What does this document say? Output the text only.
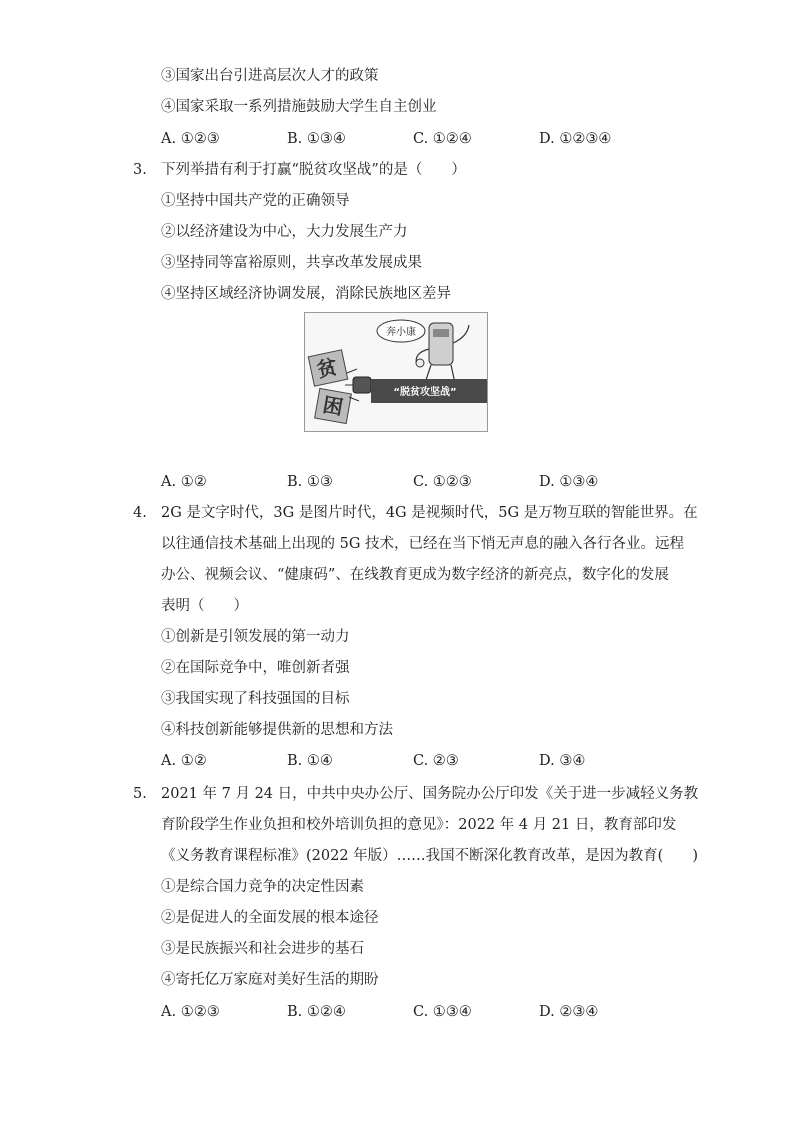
③国家出台引进高层次人才的政策
④国家采取一系列措施鼓励大学生自主创业
A. ①②③	B. ①③④	C. ①②④	D. ①②③④
3. 下列举措有利于打赢“脱贫攻坚战”的是（　　）
①坚持中国共产党的正确领导
②以经济建设为中心，大力发展生产力
③坚持同等富裕原则，共享改革发展成果
④坚持区域经济协调发展，消除民族地区差异
奔小康
“脱贫攻坚战”
贫
困
A. ①②	B. ①③	C. ①②③	D. ①③④
4. 2G 是文字时代，3G 是图片时代，4G 是视频时代，5G 是万物互联的智能世界。在
以往通信技术基础上出现的 5G 技术，已经在当下悄无声息的融入各行各业。远程
办公、视频会议、“健康码”、在线教育更成为数字经济的新亮点，数字化的发展
表明（　　）
①创新是引领发展的第一动力
②在国际竞争中，唯创新者强
③我国实现了科技强国的目标
④科技创新能够提供新的思想和方法
A. ①②	B. ①④	C. ②③	D. ③④
5. 2021 年 7 月 24 日，中共中央办公厅、国务院办公厅印发《关于进一步减轻义务教
育阶段学生作业负担和校外培训负担的意见》：2022 年 4 月 21 日，教育部印发
《义务教育课程标准》(2022 年版）……我国不断深化教育改革，是因为教育(　　)
①是综合国力竞争的决定性因素
②是促进人的全面发展的根本途径
③是民族振兴和社会进步的基石
④寄托亿万家庭对美好生活的期盼
A. ①②③	B. ①②④	C. ①③④	D. ②③④
